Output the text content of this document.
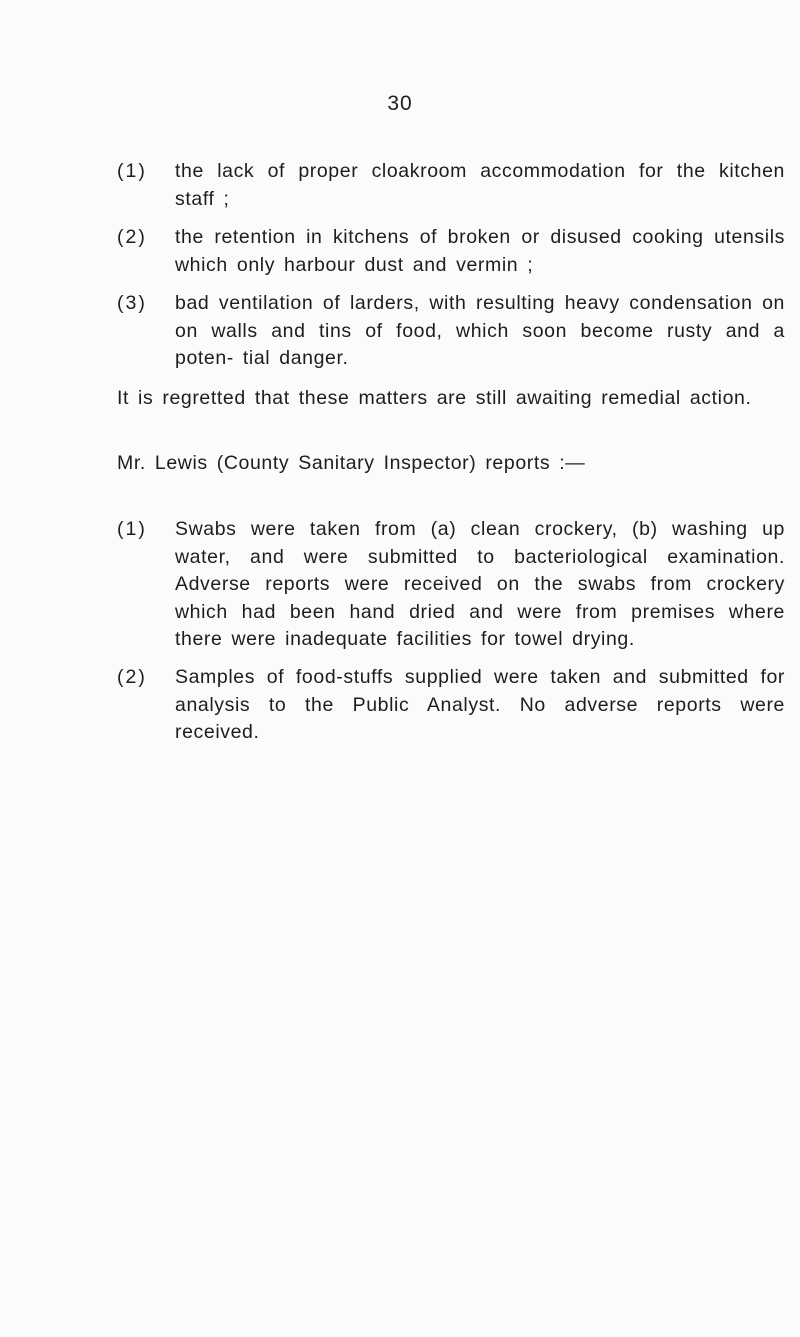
30
(1)	the lack of proper cloakroom accommodation for the kitchen staff ;
(2)	the retention in kitchens of broken or disused cooking utensils which only harbour dust and vermin ;
(3)	bad ventilation of larders, with resulting heavy condensation on on walls and tins of food, which soon become rusty and a poten- tial danger.
It is regretted that these matters are still awaiting remedial action.
Mr. Lewis (County Sanitary Inspector) reports :—
(1)	Swabs were taken from (a) clean crockery, (b) washing up water, and were submitted to bacteriological examination. Adverse reports were received on the swabs from crockery which had been hand dried and were from premises where there were inadequate facilities for towel drying.
(2)	Samples of food-stuffs supplied were taken and submitted for analysis to the Public Analyst. No adverse reports were received.
